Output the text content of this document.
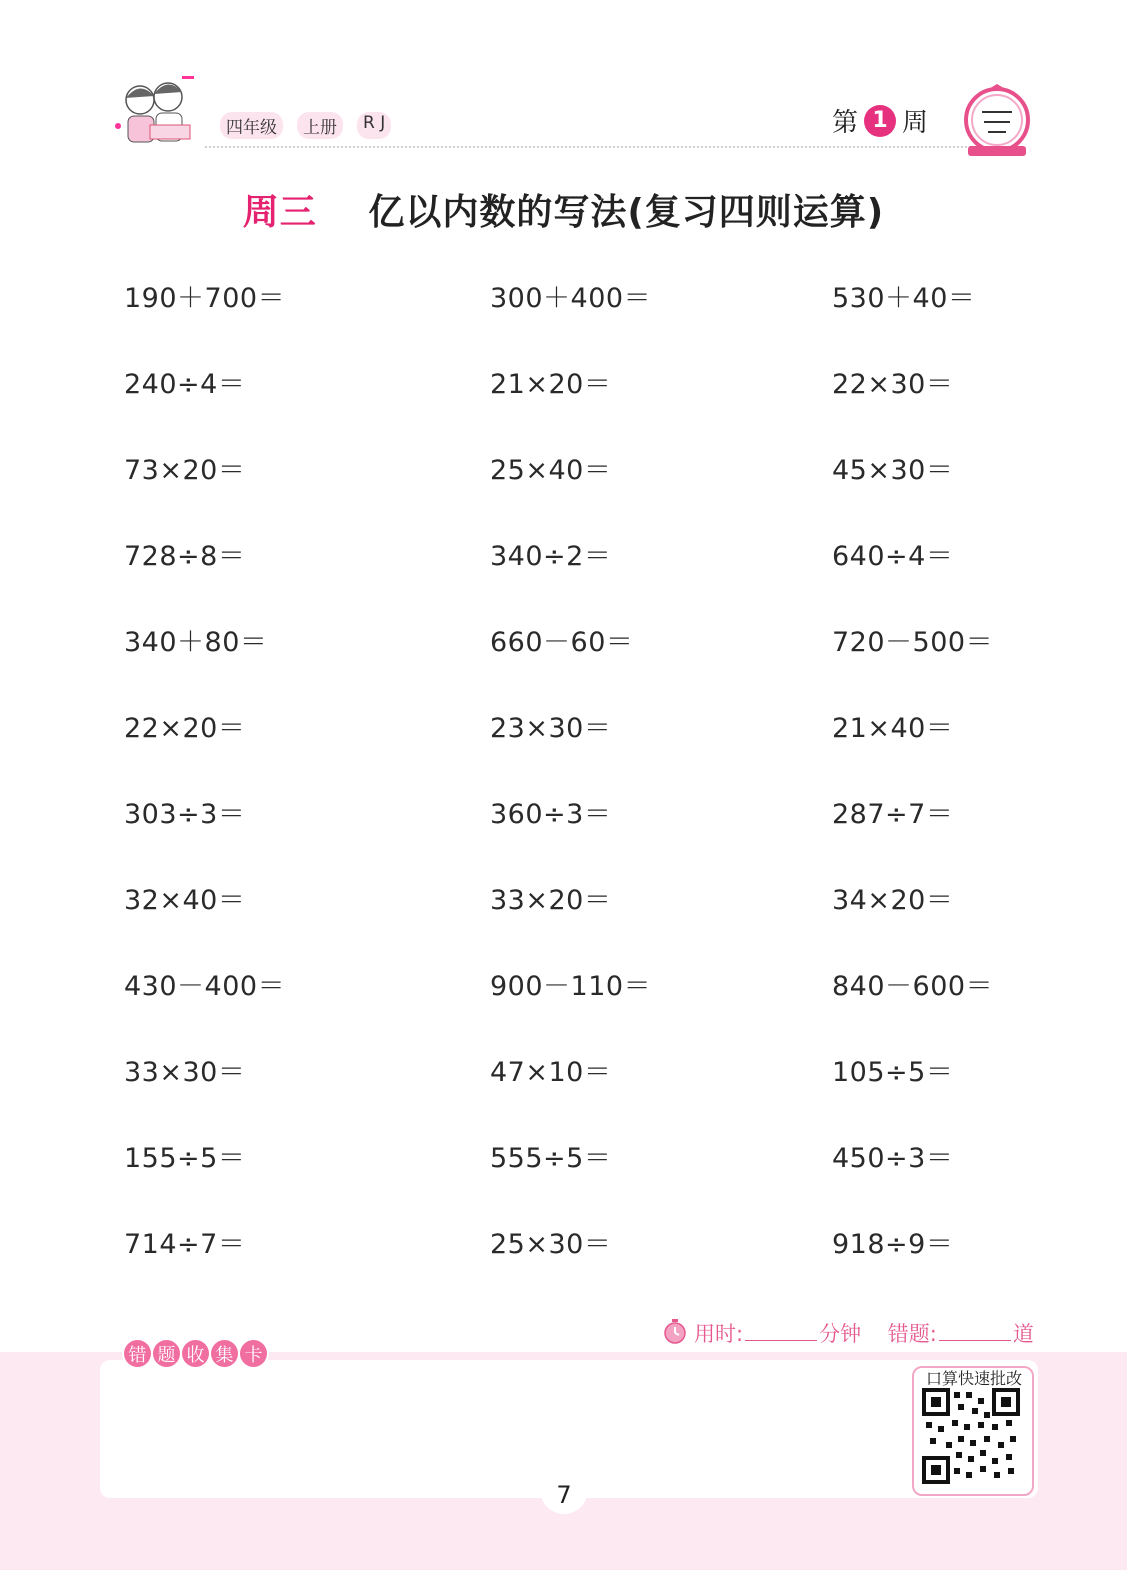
四年级	上册	R J	第 1 周
周三 亿以内数的写法(复习四则运算)
190＋700＝	300＋400＝	530＋40＝
240÷4＝	21×20＝	22×30＝
73×20＝	25×40＝	45×30＝
728÷8＝	340÷2＝	640÷4＝
340＋80＝	660－60＝	720－500＝
22×20＝	23×30＝	21×40＝
303÷3＝	360÷3＝	287÷7＝
32×40＝	33×20＝	34×20＝
430－400＝	900－110＝	840－600＝
33×30＝	47×10＝	105÷5＝
155÷5＝	555÷5＝	450÷3＝
714÷7＝	25×30＝	918÷9＝
用时:	分钟 错题:	道
错 题 收 集 卡
口算快速批改
7
